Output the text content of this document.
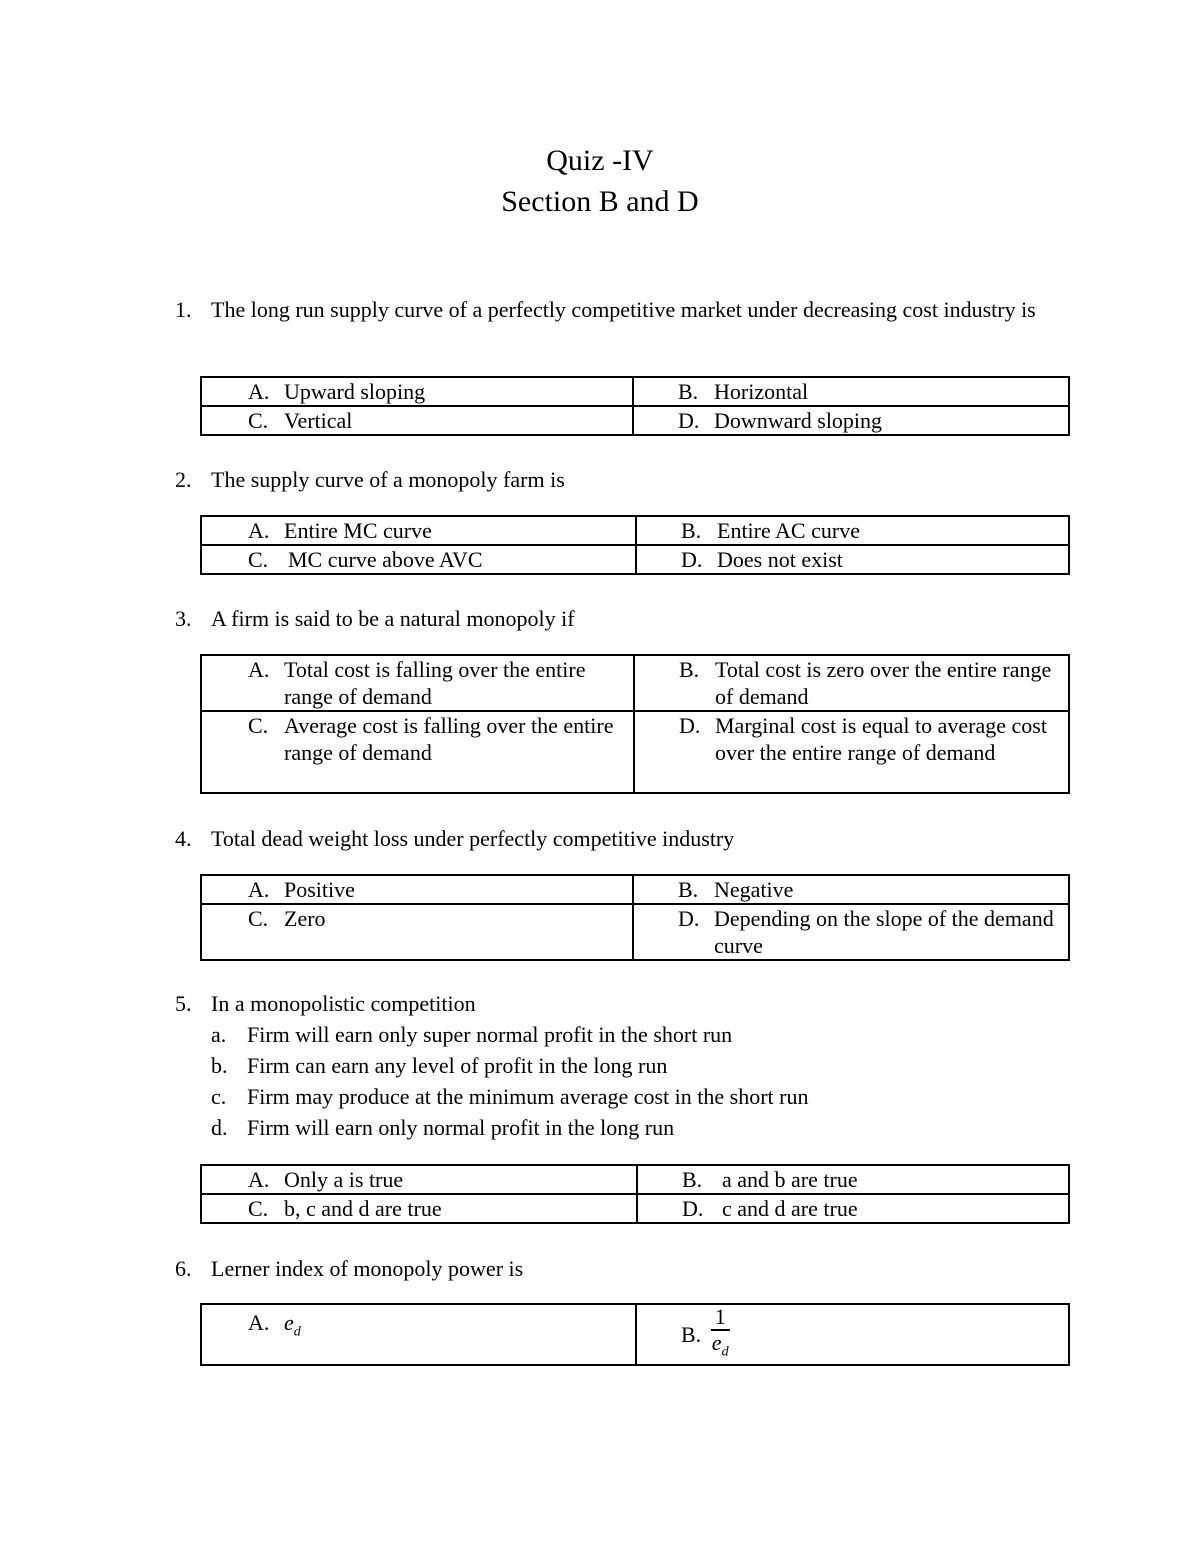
Quiz -IV
Section B and D
1. The long run supply curve of a perfectly competitive market under decreasing cost industry is
A. Upward sloping	B. Horizontal

C. Vertical	D. Downward sloping
2. The supply curve of a monopoly farm is
A. Entire MC curve	B. Entire AC curve

C. MC curve above AVC	D. Does not exist
3. A firm is said to be a natural monopoly if
A. Total cost is falling over the entire range of demand	B. Total cost is zero over the entire range of demand

C. Average cost is falling over the entire range of demand	D. Marginal cost is equal to average cost over the entire range of demand
4. Total dead weight loss under perfectly competitive industry
A. Positive	B. Negative

C. Zero	D. Depending on the slope of the demand curve
5. In a monopolistic competition
a. Firm will earn only super normal profit in the short run
b. Firm can earn any level of profit in the long run
c. Firm may produce at the minimum average cost in the short run
d. Firm will earn only normal profit in the long run
A. Only a is true	B. a and b are true

C. b, c and d are true	D. c and d are true
6. Lerner index of monopoly power is
A. $e_d$	B. $\frac{1}{e_d}$
